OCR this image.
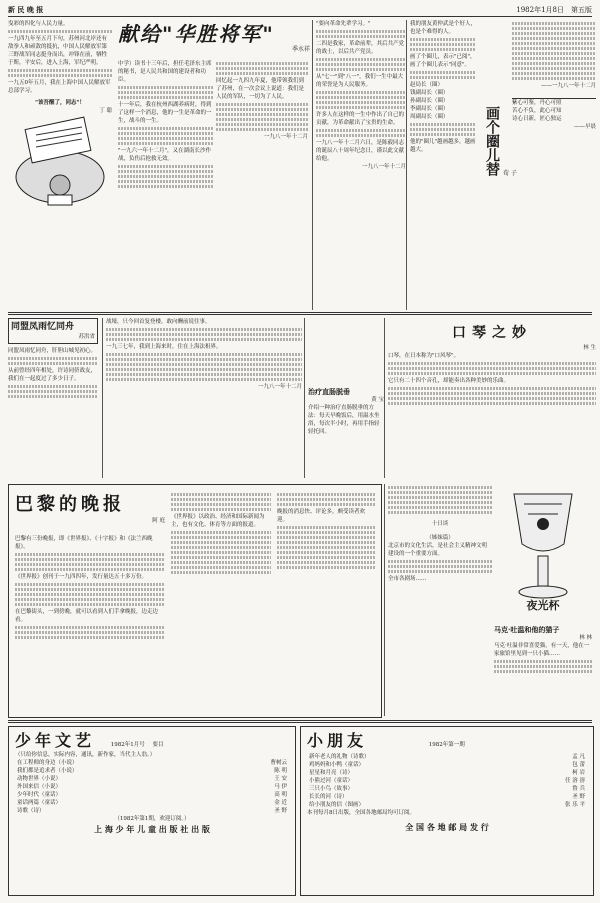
新 民 晚 报	1982年1月8日　 第五版

曳彩的四化与人民力量。

一九四九年至五月下句，苏州河北岸还有敌拳人和顽敌的抵抗，中国人民解放军第三野战军同志挺身而出，冲锋在前，牺牲于斯，平安后，进入上海，军纪严明。

一九五0年五月，我在上海中国人民解放军总部学习。

"该吾醒了，同志"！
丁 聪
献给"华胜将军"
季水祥

中学）读书十三年后，担任毛泽东主席的秘书，是人民共和国的建设者和功臣。

十一年后，我在杭州西湖养病时，得到了这样一个消息，他的一生是革命的一生，战斗的一生。

"一九六一年十二月"，又在湖南长沙作战，负伤后抢救无效。

回忆起一九四九年夏，他带领我们到了苏州，在一次会议上说道：我们是人民的军队，一切为了人民。

一九八一年十二月

"要向革命先辈学习。"

二四是我家，革命前辈，其后共产党的战士，以后共产党员。

从"七一"到"八一"，我们一生中最大的荣誉是为人民服务。

许多人在这样的一生中作出了自己的贡献，为革命献出了宝贵的生命。

一九八一年十二月六日，是陈毅同志的诞辰八十周年纪念日，谨以此文献给他。

一九八一年十二月	画个圈儿替 荀 子

我的朋友黄仲武是个好人，也是个难得的人。

画了个圈儿，表示"已阅"，画了个圈儿表示"同意"。

赵局长（圈）

钱副局长（圈）

孙副局长（圈）

李副局长（圈）

周副局长（圈）

他的"圈儿"越画越多，越画越大。

——一九八一年十二月

紫心可鉴，丹心可照

苦心不负，此心可知

诗心日新，匠心独运

——早晨

同盟凤雨忆同舟
苏洪省

同盟凤雨忆同舟，肝胆山城见初心。

从前曾经四年相处，许诗同侪战友，我们在一起度过了多少日子。

战壕，只今回首复登楼，敢向酬前说往事。

一九三七年，我到上海来时，住在上海法租界。

一九八一年十二月 治疗直肠脱垂
黄 宝

介绍一种治疗直肠脱垂的方法：每天早晚饭后，用温水坐浴，每次半小时，再用手指轻轻托回。

口琴之妙
林 生

口琴，在日本称为"口风琴"。

它只有二十四个音孔，却能奏出各种美妙的乐曲。

巴黎的晚报
阿 庭

巴黎有三份晚报，即《世界报》、《十字报》和《法兰西晚报》。

《世界报》创刊于一九四四年，发行量达五十多万份。

在巴黎街头，一到傍晚，就可以看到人们手拿晚报，边走边看。

《世界报》以政治、经济和国际新闻为主，也有文化、体育等方面的报道。

晚报的消息快、评论多，颇受读者欢迎。

十日谈
（姊妹篇）

北京市的文化生活，是社会主义精神文明建设的一个重要方面。

全市各剧场……

夜光杯
马克·吐温和他的猫子
林 林

马克·吐温非常喜爱猫。有一天，他在一家旅馆里见到一只小猫……

少年文艺	1982年1月号 要目
（只给你信息，实际内容，通讯，新作家，当代主人翁。）
在工程师的身边（小说）	曹树云
我们都是追求者（小说）	陈 明
动物世界（小说）	王 安
外国来信（小说）	马 伊
少年时代（童话）	高 明
童话两篇（童话）	金 近
诗歌（诗）	圣 野
（1982年第1期，欢迎订阅。）
上 海 少 年 儿 童 出 版 社 出 版
小朋友	1982年第一期
新年老人的礼物（诗歌）	孟 凡
鸡妈妈和小鸭（童话）	包 蕾
星星和月亮（诗）	柯 岩
小熊过河（童话）	任 溶 溶
三只小鸟（故事）	鲁 兵
长长的河（诗）	圣 野
给小朋友的信（图画）	张 乐 平
本刊每月8日出版，全国各地邮局均可订阅。
全 国 各 地 邮 局 发 行
